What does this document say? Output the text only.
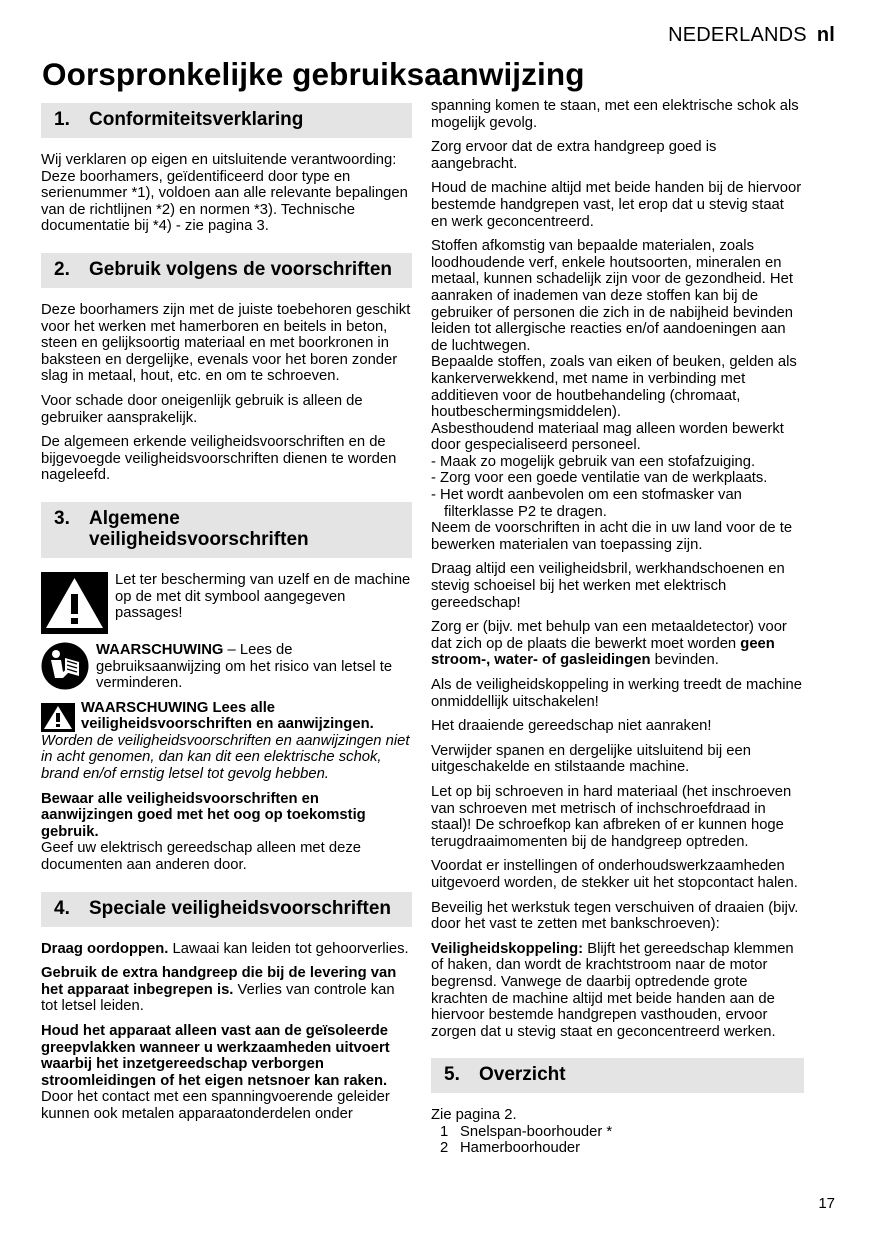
NEDERLANDS nl
Oorspronkelijke gebruiksaanwijzing
1.	Conformiteitsverklaring

Wij verklaren op eigen en uitsluitende verantwoording: Deze boorhamers, geïdentificeerd door type en serienummer *1), voldoen aan alle relevante bepalingen van de richtlijnen *2) en normen *3). Technische documentatie bij *4) - zie pagina 3.

2.	Gebruik volgens de voorschriften

Deze boorhamers zijn met de juiste toebehoren geschikt voor het werken met hamerboren en beitels in beton, steen en gelijksoortig materiaal en met boorkronen in baksteen en dergelijke, evenals voor het boren zonder slag in metaal, hout, etc. en om te schroeven.

Voor schade door oneigenlijk gebruik is alleen de gebruiker aansprakelijk.

De algemeen erkende veiligheidsvoorschriften en de bijgevoegde veiligheidsvoorschriften dienen te worden nageleefd.

3.	Algemene veiligheidsvoorschriften
Let ter bescherming van uzelf en de machine op de met dit symbool aangegeven passages!
WAARSCHUWING – Lees de gebruiksaanwijzing om het risico van letsel te verminderen.

WAARSCHUWING Lees alle veiligheidsvoorschriften en aanwijzingen. Worden de veiligheidsvoorschriften en aanwijzingen niet in acht genomen, dan kan dit een elektrische schok, brand en/of ernstig letsel tot gevolg hebben.

Bewaar alle veiligheidsvoorschriften en aanwijzingen goed met het oog op toekomstig gebruik.

Geef uw elektrisch gereedschap alleen met deze documenten aan anderen door.

4.	Speciale veiligheidsvoorschriften

Draag oordoppen. Lawaai kan leiden tot gehoorverlies.

Gebruik de extra handgreep die bij de levering van het apparaat inbegrepen is. Verlies van controle kan tot letsel leiden.

Houd het apparaat alleen vast aan de geïsoleerde greepvlakken wanneer u werkzaamheden uitvoert waarbij het inzetgereedschap verborgen stroomleidingen of het eigen netsnoer kan raken. Door het contact met een spanningvoerende geleider kunnen ook metalen apparaatonderdelen onder

spanning komen te staan, met een elektrische schok als mogelijk gevolg.

Zorg ervoor dat de extra handgreep goed is aangebracht.

Houd de machine altijd met beide handen bij de hiervoor bestemde handgrepen vast, let erop dat u stevig staat en werk geconcentreerd.

Stoffen afkomstig van bepaalde materialen, zoals loodhoudende verf, enkele houtsoorten, mineralen en metaal, kunnen schadelijk zijn voor de gezondheid. Het aanraken of inademen van deze stoffen kan bij de gebruiker of personen die zich in de nabijheid bevinden leiden tot allergische reacties en/of aandoeningen aan de luchtwegen.

Bepaalde stoffen, zoals van eiken of beuken, gelden als kankerverwekkend, met name in verbinding met additieven voor de houtbehandeling (chromaat, houtbeschermingsmiddelen).

Asbesthoudend materiaal mag alleen worden bewerkt door gespecialiseerd personeel.

- Maak zo mogelijk gebruik van een stofafzuiging.
- Zorg voor een goede ventilatie van de werkplaats.
- Het wordt aanbevolen om een stofmasker van filterklasse P2 te dragen.

Neem de voorschriften in acht die in uw land voor de te bewerken materialen van toepassing zijn.

Draag altijd een veiligheidsbril, werkhandschoenen en stevig schoeisel bij het werken met elektrisch gereedschap!

Zorg er (bijv. met behulp van een metaaldetector) voor dat zich op de plaats die bewerkt moet worden geen stroom-, water- of gasleidingen bevinden.

Als de veiligheidskoppeling in werking treedt de machine onmiddellijk uitschakelen!

Het draaiende gereedschap niet aanraken!

Verwijder spanen en dergelijke uitsluitend bij een uitgeschakelde en stilstaande machine.

Let op bij schroeven in hard materiaal (het inschroeven van schroeven met metrisch of inchschroefdraad in staal)! De schroefkop kan afbreken of er kunnen hoge terugdraaimomenten bij de handgreep optreden.

Voordat er instellingen of onderhoudswerkzaamheden uitgevoerd worden, de stekker uit het stopcontact halen.

Beveilig het werkstuk tegen verschuiven of draaien (bijv. door het vast te zetten met bankschroeven):

Veiligheidskoppeling: Blijft het gereedschap klemmen of haken, dan wordt de krachtstroom naar de motor begrensd. Vanwege de daarbij optredende grote krachten de machine altijd met beide handen aan de hiervoor bestemde handgrepen vasthouden, ervoor zorgen dat u stevig staat en geconcentreerd werken.

5.	Overzicht

Zie pagina 2.

1 Snelspan-boorhouder *
2 Hamerboorhouder
17
